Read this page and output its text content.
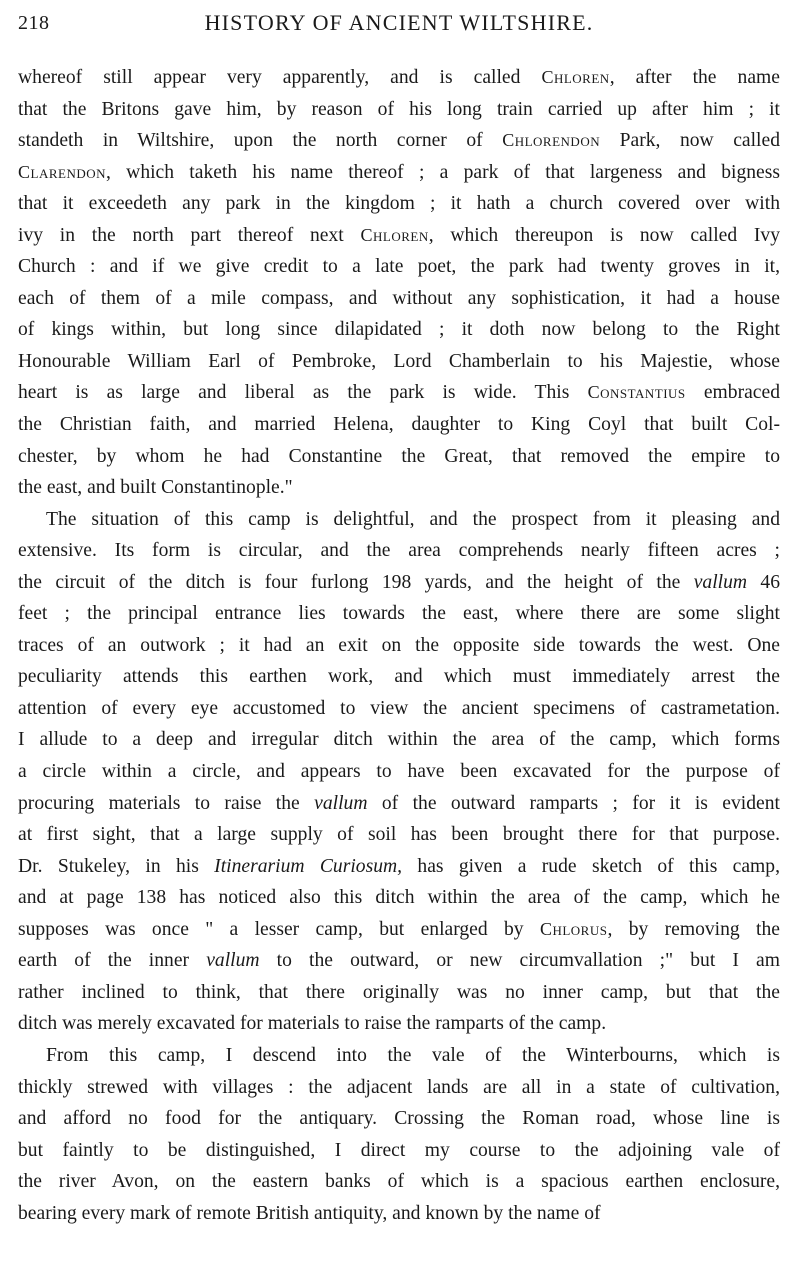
218	HISTORY OF ANCIENT WILTSHIRE.
whereof still appear very apparently, and is called Chloren, after the name
that the Britons gave him, by reason of his long train carried up after him ; it
standeth in Wiltshire, upon the north corner of Chlorendon Park, now called
Clarendon, which taketh his name thereof ; a park of that largeness and bigness
that it exceedeth any park in the kingdom ; it hath a church covered over with
ivy in the north part thereof next Chloren, which thereupon is now called Ivy
Church : and if we give credit to a late poet, the park had twenty groves in it,
each of them of a mile compass, and without any sophistication, it had a house
of kings within, but long since dilapidated ; it doth now belong to the Right
Honourable William Earl of Pembroke, Lord Chamberlain to his Majestie, whose
heart is as large and liberal as the park is wide. This Constantius embraced
the Christian faith, and married Helena, daughter to King Coyl that built Col-
chester, by whom he had Constantine the Great, that removed the empire to
the east, and built Constantinople."
The situation of this camp is delightful, and the prospect from it pleasing and
extensive. Its form is circular, and the area comprehends nearly fifteen acres ;
the circuit of the ditch is four furlong 198 yards, and the height of the vallum 46
feet ; the principal entrance lies towards the east, where there are some slight
traces of an outwork ; it had an exit on the opposite side towards the west. One
peculiarity attends this earthen work, and which must immediately arrest the
attention of every eye accustomed to view the ancient specimens of castrametation.
I allude to a deep and irregular ditch within the area of the camp, which forms
a circle within a circle, and appears to have been excavated for the purpose of
procuring materials to raise the vallum of the outward ramparts ; for it is evident
at first sight, that a large supply of soil has been brought there for that purpose.
Dr. Stukeley, in his Itinerarium Curiosum, has given a rude sketch of this camp,
and at page 138 has noticed also this ditch within the area of the camp, which he
supposes was once " a lesser camp, but enlarged by Chlorus, by removing the
earth of the inner vallum to the outward, or new circumvallation ;" but I am
rather inclined to think, that there originally was no inner camp, but that the
ditch was merely excavated for materials to raise the ramparts of the camp.
From this camp, I descend into the vale of the Winterbourns, which is
thickly strewed with villages : the adjacent lands are all in a state of cultivation,
and afford no food for the antiquary. Crossing the Roman road, whose line is
but faintly to be distinguished, I direct my course to the adjoining vale of
the river Avon, on the eastern banks of which is a spacious earthen enclosure,
bearing every mark of remote British antiquity, and known by the name of
